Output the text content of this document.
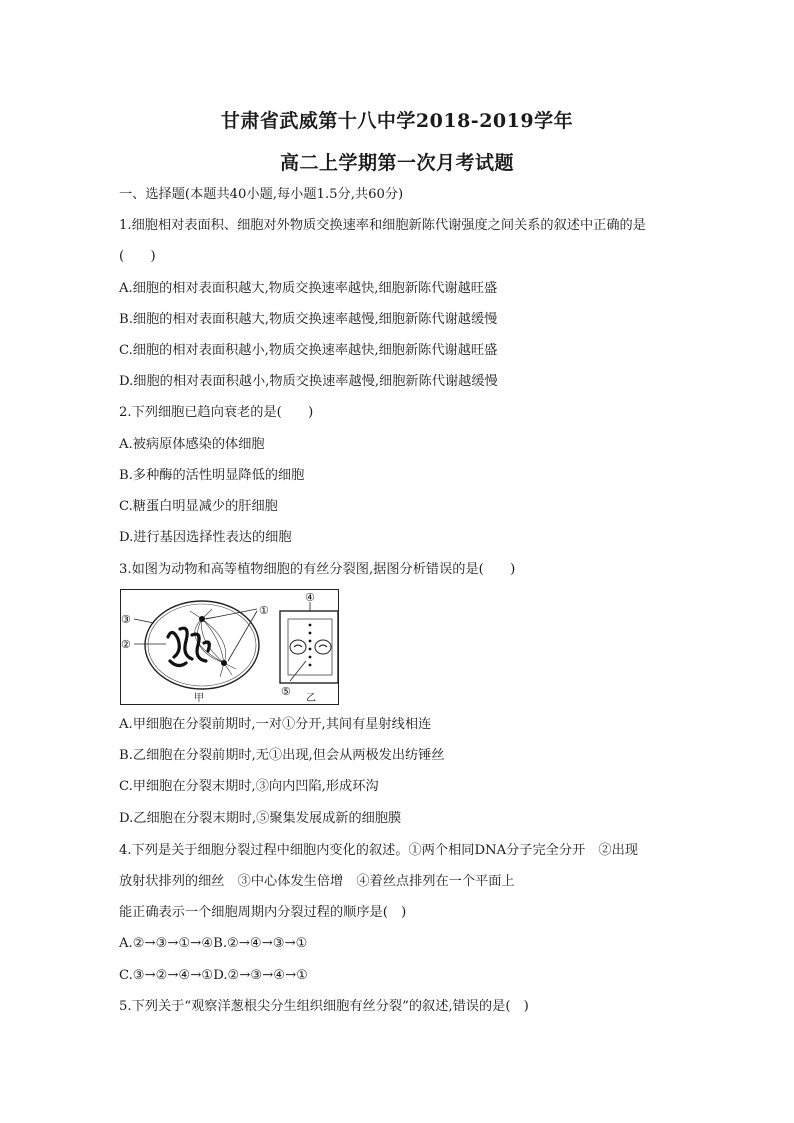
甘肃省武威第十八中学2018-2019学年
高二上学期第一次月考试题
一、选择题(本题共40小题,每小题1.5分,共60分)
1.细胞相对表面积、细胞对外物质交换速率和细胞新陈代谢强度之间关系的叙述中正确的是
(　　)
A.细胞的相对表面积越大,物质交换速率越快,细胞新陈代谢越旺盛
B.细胞的相对表面积越大,物质交换速率越慢,细胞新陈代谢越缓慢
C.细胞的相对表面积越小,物质交换速率越快,细胞新陈代谢越旺盛
D.细胞的相对表面积越小,物质交换速率越慢,细胞新陈代谢越缓慢
2.下列细胞已趋向衰老的是(　　)
A.被病原体感染的体细胞
B.多种酶的活性明显降低的细胞
C.糖蛋白明显减少的肝细胞
D.进行基因选择性表达的细胞
3.如图为动物和高等植物细胞的有丝分裂图,据图分析错误的是(　　)
①
③
②
④
⑤
甲	乙
A.甲细胞在分裂前期时,一对①分开,其间有星射线相连
B.乙细胞在分裂前期时,无①出现,但会从两极发出纺锤丝
C.甲细胞在分裂末期时,③向内凹陷,形成环沟
D.乙细胞在分裂末期时,⑤聚集发展成新的细胞膜
4.下列是关于细胞分裂过程中细胞内变化的叙述。①两个相同DNA分子完全分开　②出现
放射状排列的细丝　③中心体发生倍增　④着丝点排列在一个平面上
能正确表示一个细胞周期内分裂过程的顺序是(　)
A.②→③→①→④B.②→④→③→①
C.③→②→④→①D.②→③→④→①
5.下列关于“观察洋葱根尖分生组织细胞有丝分裂”的叙述,错误的是(　)
